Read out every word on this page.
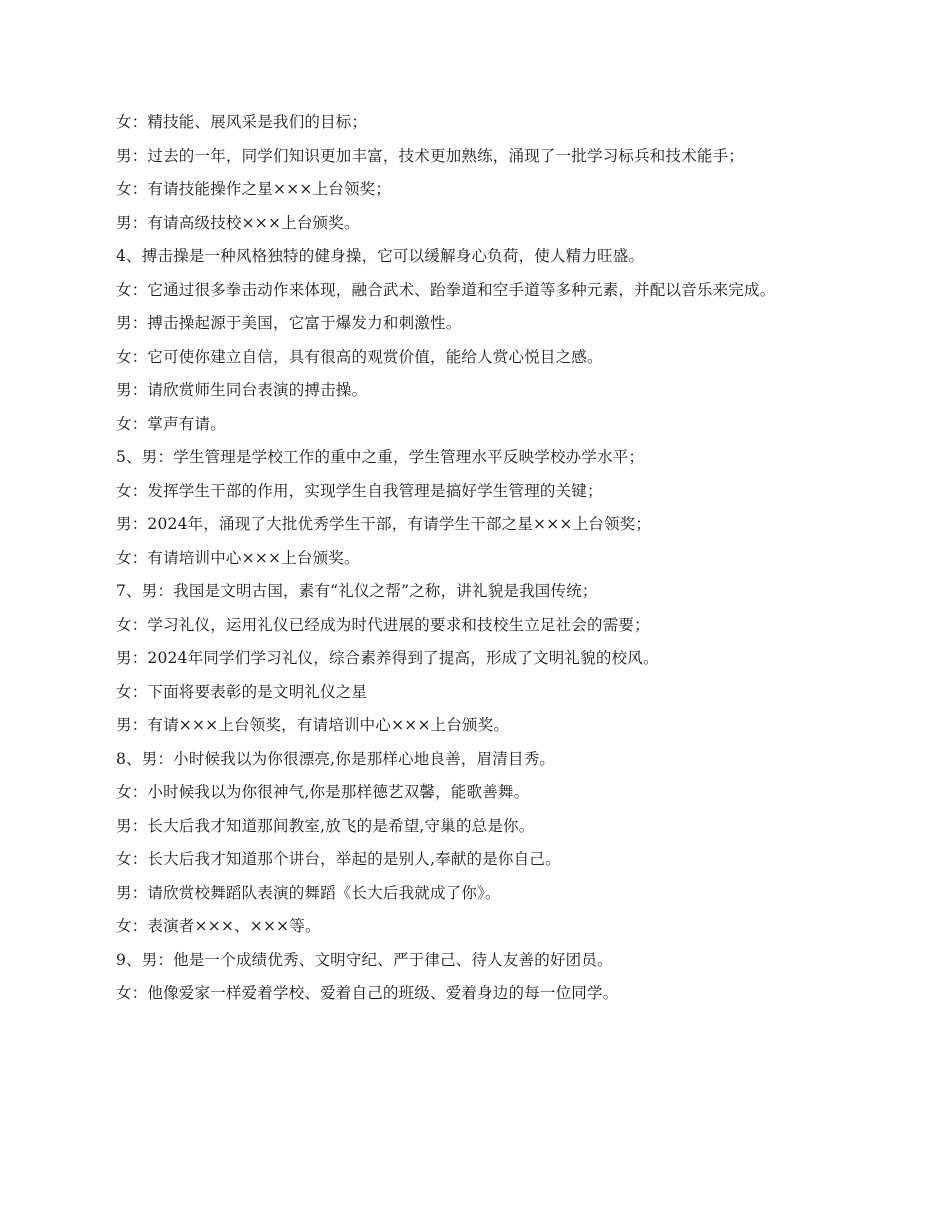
女：精技能、展风采是我们的目标；

男：过去的一年，同学们知识更加丰富，技术更加熟练，涌现了一批学习标兵和技术能手；

女：有请技能操作之星×××上台领奖；

男：有请高级技校×××上台颁奖。

4、搏击操是一种风格独特的健身操，它可以缓解身心负荷，使人精力旺盛。

女：它通过很多拳击动作来体现，融合武术、跆拳道和空手道等多种元素，并配以音乐来完成。

男：搏击操起源于美国，它富于爆发力和刺激性。

女：它可使你建立自信，具有很高的观赏价值，能给人赏心悦目之感。

男：请欣赏师生同台表演的搏击操。

女：掌声有请。

5、男：学生管理是学校工作的重中之重，学生管理水平反映学校办学水平；

女：发挥学生干部的作用，实现学生自我管理是搞好学生管理的关键；

男：2024年，涌现了大批优秀学生干部，有请学生干部之星×××上台领奖；

女：有请培训中心×××上台颁奖。

7、男：我国是文明古国，素有“礼仪之帮”之称，讲礼貌是我国传统；

女：学习礼仪，运用礼仪已经成为时代进展的要求和技校生立足社会的需要；

男：2024年同学们学习礼仪，综合素养得到了提高，形成了文明礼貌的校风。

女：下面将要表彰的是文明礼仪之星

男：有请×××上台领奖，有请培训中心×××上台颁奖。

8、男：小时候我以为你很漂亮,你是那样心地良善，眉清目秀。

女：小时候我以为你很神气,你是那样德艺双馨，能歌善舞。

男：长大后我才知道那间教室,放飞的是希望,守巢的总是你。

女：长大后我才知道那个讲台，举起的是别人,奉献的是你自己。

男：请欣赏校舞蹈队表演的舞蹈《长大后我就成了你》。

女：表演者×××、×××等。

9、男：他是一个成绩优秀、文明守纪、严于律己、待人友善的好团员。

女：他像爱家一样爱着学校、爱着自己的班级、爱着身边的每一位同学。
